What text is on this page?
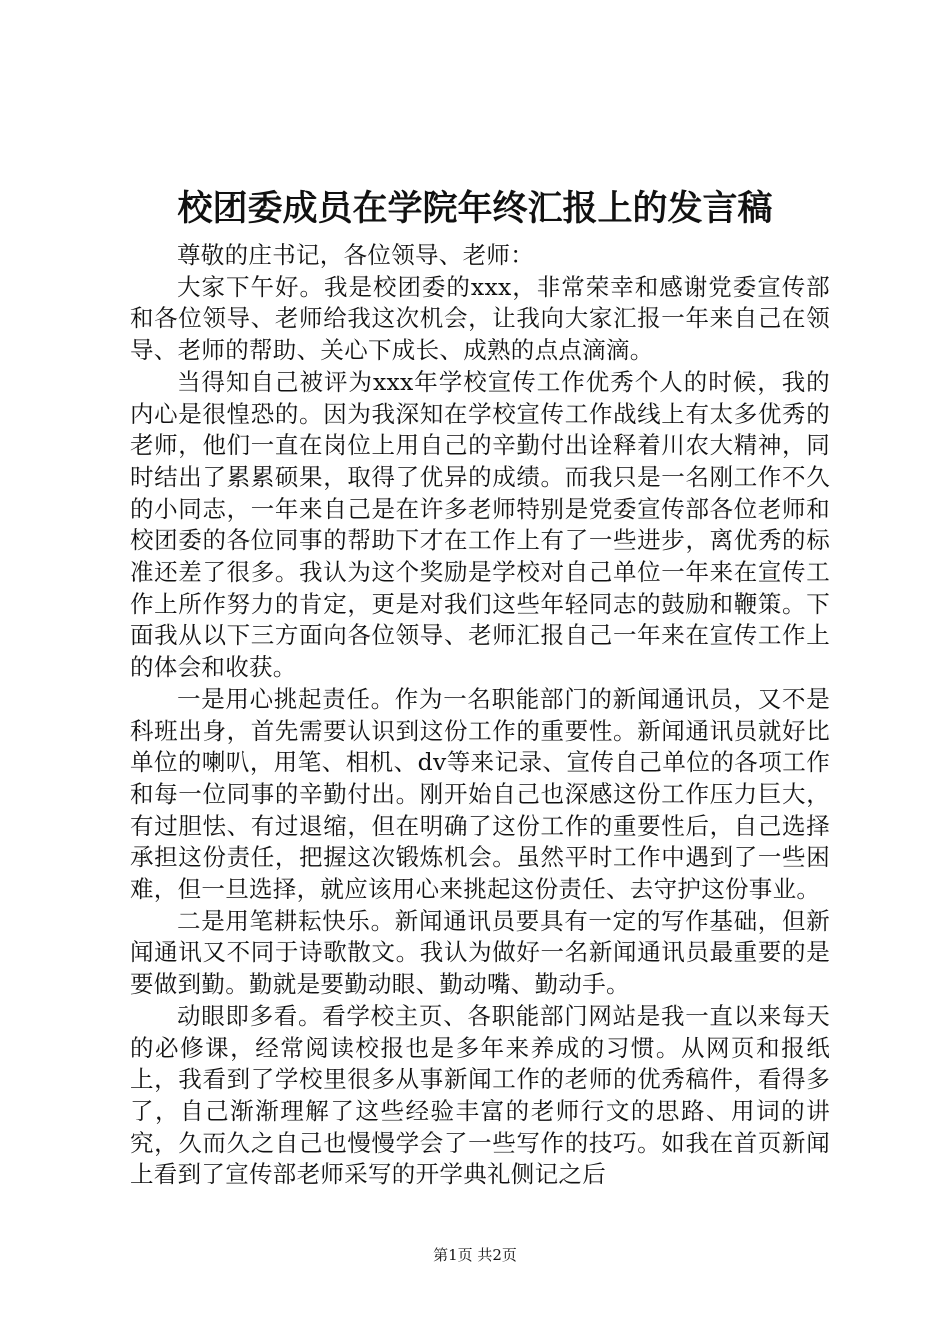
校团委成员在学院年终汇报上的发言稿

尊敬的庄书记，各位领导、老师：

大家下午好。我是校团委的xxx，非常荣幸和感谢党委宣传部和各位领导、老师给我这次机会，让我向大家汇报一年来自己在领导、老师的帮助、关心下成长、成熟的点点滴滴。

当得知自己被评为xxx年学校宣传工作优秀个人的时候，我的内心是很惶恐的。因为我深知在学校宣传工作战线上有太多优秀的老师，他们一直在岗位上用自己的辛勤付出诠释着川农大精神，同时结出了累累硕果，取得了优异的成绩。而我只是一名刚工作不久的小同志，一年来自己是在许多老师特别是党委宣传部各位老师和校团委的各位同事的帮助下才在工作上有了一些进步，离优秀的标准还差了很多。我认为这个奖励是学校对自己单位一年来在宣传工作上所作努力的肯定，更是对我们这些年轻同志的鼓励和鞭策。下面我从以下三方面向各位领导、老师汇报自己一年来在宣传工作上的体会和收获。

一是用心挑起责任。作为一名职能部门的新闻通讯员，又不是科班出身，首先需要认识到这份工作的重要性。新闻通讯员就好比单位的喇叭，用笔、相机、dv等来记录、宣传自己单位的各项工作和每一位同事的辛勤付出。刚开始自己也深感这份工作压力巨大，有过胆怯、有过退缩，但在明确了这份工作的重要性后，自己选择承担这份责任，把握这次锻炼机会。虽然平时工作中遇到了一些困难，但一旦选择，就应该用心来挑起这份责任、去守护这份事业。

二是用笔耕耘快乐。新闻通讯员要具有一定的写作基础，但新闻通讯又不同于诗歌散文。我认为做好一名新闻通讯员最重要的是要做到勤。勤就是要勤动眼、勤动嘴、勤动手。

动眼即多看。看学校主页、各职能部门网站是我一直以来每天的必修课，经常阅读校报也是多年来养成的习惯。从网页和报纸上，我看到了学校里很多从事新闻工作的老师的优秀稿件，看得多了，自己渐渐理解了这些经验丰富的老师行文的思路、用词的讲究，久而久之自己也慢慢学会了一些写作的技巧。如我在首页新闻上看到了宣传部老师采写的开学典礼侧记之后

第1页 共2页
